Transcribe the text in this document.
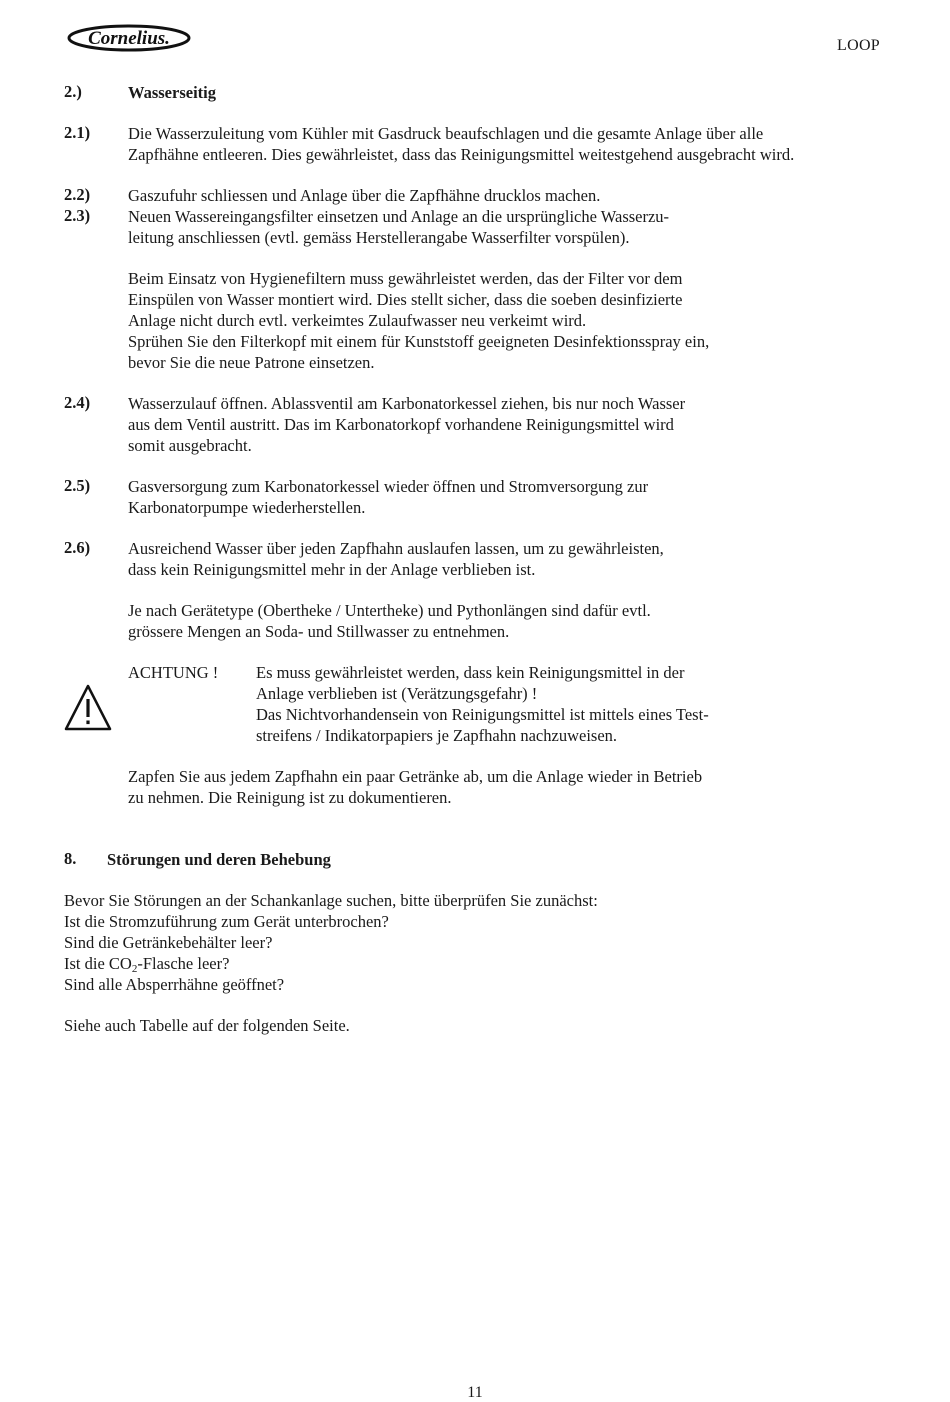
Cornelius.	LOOP
2.)	Wasserseitig
2.1) Die Wasserzuleitung vom Kühler mit Gasdruck beaufschlagen und die gesamte Anlage über alle
Zapfhähne entleeren. Dies gewährleistet, dass das Reinigungsmittel weitestgehend ausgebracht wird.
2.2) Gaszufuhr schliessen und Anlage über die Zapfhähne drucklos machen.
2.3) Neuen Wassereingangsfilter einsetzen und Anlage an die ursprüngliche Wasserzu-
leitung anschliessen (evtl. gemäss Herstellerangabe Wasserfilter vorspülen).
Beim Einsatz von Hygienefiltern muss gewährleistet werden, das der Filter vor dem
Einspülen von Wasser montiert wird. Dies stellt sicher, dass die soeben desinfizierte
Anlage nicht durch evtl. verkeimtes Zulaufwasser neu verkeimt wird.
Sprühen Sie den Filterkopf mit einem für Kunststoff geeigneten Desinfektionsspray ein,
bevor Sie die neue Patrone einsetzen.
2.4) Wasserzulauf öffnen. Ablassventil am Karbonatorkessel ziehen, bis nur noch Wasser
aus dem Ventil austritt. Das im Karbonatorkopf vorhandene Reinigungsmittel wird
somit ausgebracht.
2.5) Gasversorgung zum Karbonatorkessel wieder öffnen und Stromversorgung zur
Karbonatorpumpe wiederherstellen.
2.6) Ausreichend Wasser über jeden Zapfhahn auslaufen lassen, um zu gewährleisten,
dass kein Reinigungsmittel mehr in der Anlage verblieben ist.
Je nach Gerätetype (Obertheke / Untertheke) und Pythonlängen sind dafür evtl.
grössere Mengen an Soda- und Stillwasser zu entnehmen.
ACHTUNG ! Es muss gewährleistet werden, dass kein Reinigungsmittel in der
Anlage verblieben ist (Verätzungsgefahr) !
Das Nichtvorhandensein von Reinigungsmittel ist mittels eines Test-
streifens / Indikatorpapiers je Zapfhahn nachzuweisen.
Zapfen Sie aus jedem Zapfhahn ein paar Getränke ab, um die Anlage wieder in Betrieb
zu nehmen. Die Reinigung ist zu dokumentieren.
8. Störungen und deren Behebung
Bevor Sie Störungen an der Schankanlage suchen, bitte überprüfen Sie zunächst:
Ist die Stromzuführung zum Gerät unterbrochen?
Sind die Getränkebehälter leer?
Ist die $CO_2$-Flasche leer?
Sind alle Absperrhähne geöffnet?
Siehe auch Tabelle auf der folgenden Seite.
11
